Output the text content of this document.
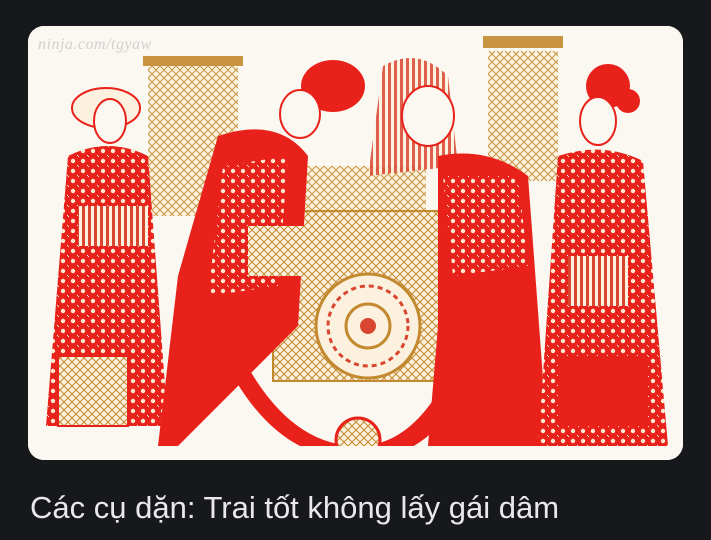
ninja.com/tgyaw
Các cụ dặn: Trai tốt không lấy gái dâm
